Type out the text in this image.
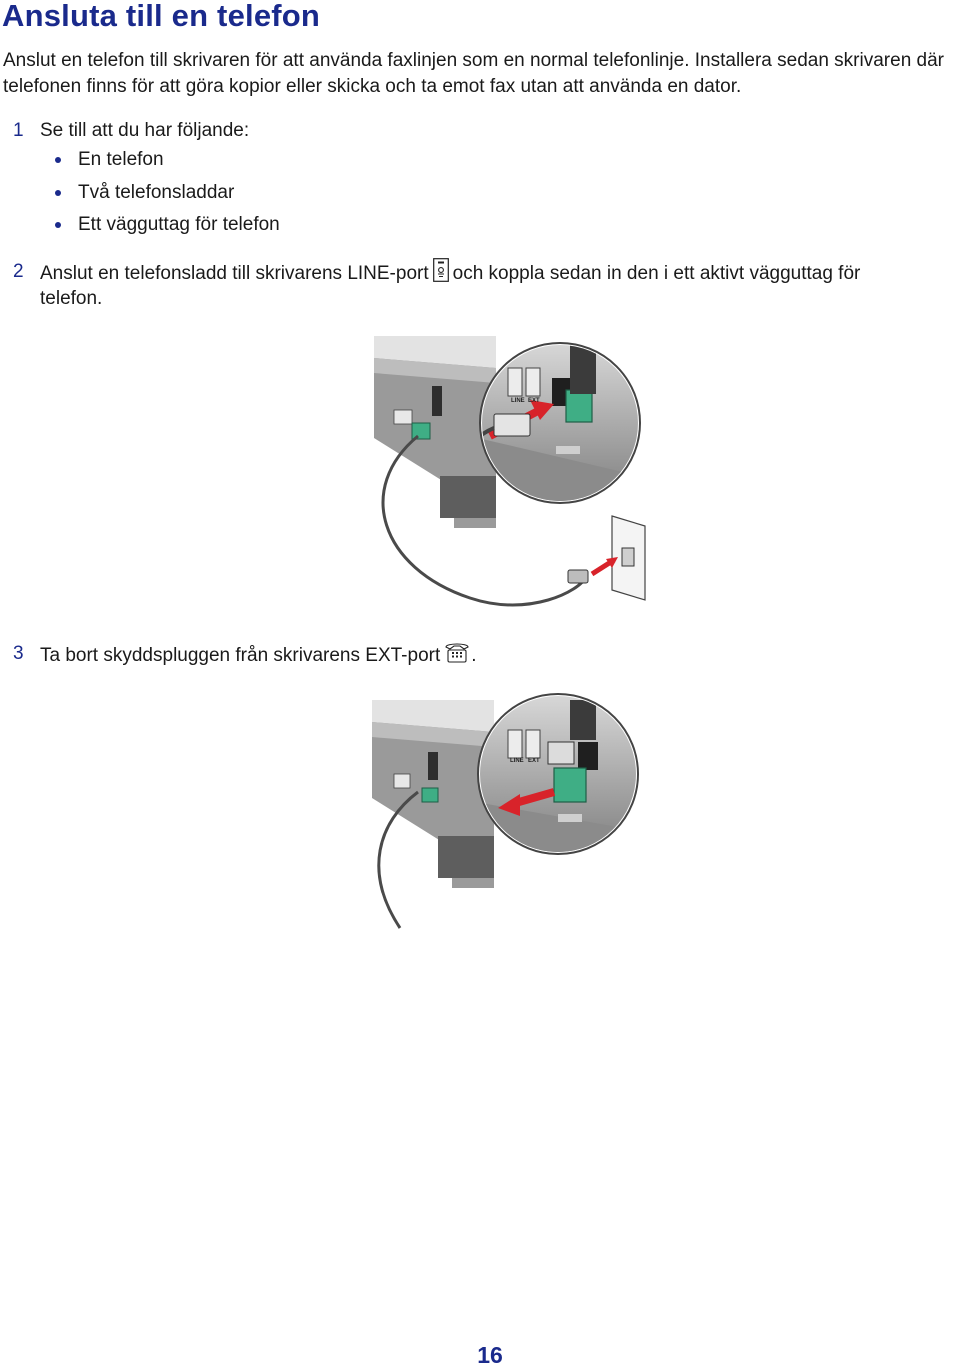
Ansluta till en telefon

Anslut en telefon till skrivaren för att använda faxlinjen som en normal telefonlinje. Installera sedan skrivaren där telefonen finns för att göra kopior eller skicka och ta emot fax utan att använda en dator.

1 Se till att du har följande:
En telefon
Två telefonsladdar
Ett vägguttag för telefon
2 Anslut en telefonsladd till skrivarens LINE-port och koppla sedan in den i ett aktivt vägguttag för
telefon.
LINE EXT
3 Ta bort skyddspluggen från skrivarens EXT-port .
LINE EXT
16
